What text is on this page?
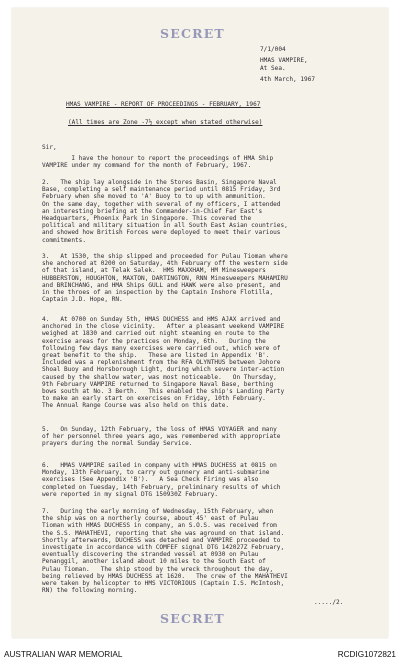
SECRET
7/1/004
HMAS VAMPIRE,
At Sea.
4th March, 1967
HMAS VAMPIRE - REPORT OF PROCEEDINGS - FEBRUARY, 1967
(All times are Zone -7½ except when stated otherwise)
Sir,
I have the honour to report the proceedings of HMA Ship
VAMPIRE under my command for the month of February, 1967.
2.   The ship lay alongside in the Stores Basin, Singapore Naval
Base, completing a self maintenance period until 0815 Friday, 3rd
February when she moved to 'A' Buoy to to up with ammunition.
On the same day, together with several of my officers, I attended
an interesting briefing at the Commander-in-Chief Far East's
Headquarters, Phoenix Park in Singapore. This covered the
political and military situation in all South East Asian countries,
and showed how British Forces were deployed to meet their various
commitments.
3.   At 1530, the ship slipped and proceeded for Pulau Tioman where
she anchored at 0200 on Saturday, 4th February off the western side
of that island, at Telak Salek.  HMS MAXXHAM, HM Minesweepers
HUBBERSTON, HOUGHTON, MAXTON, DARTINGTON, RNN Minesweepers MAHAMIRU
and BRINCHANG, and HMA Ships GULL and HAWK were also present, and
in the throes of an inspection by the Captain Inshore Flotilla,
Captain J.D. Hope, RN.
4.   At 0700 on Sunday 5th, HMAS DUCHESS and HMS AJAX arrived and
anchored in the close vicinity.   After a pleasant weekend VAMPIRE
weighed at 1830 and carried out night steaming en route to the
exercise areas for the practices on Monday, 6th.   During the
following few days many exercises were carried out, which were of
great benefit to the ship.   These are listed in Appendix 'B'.
Included was a replenishment from the RFA OLYNTHUS between Johore
Shoal Buoy and Horsborough Light, during which severe inter-action
caused by the shallow water, was most noticeable.   On Thursday,
9th February VAMPIRE returned to Singapore Naval Base, berthing
bows south at No. 3 Berth.   This enabled the ship's Landing Party
to make an early start on exercises on Friday, 10th February.
The Annual Range Course was also held on this date.
5.   On Sunday, 12th February, the loss of HMAS VOYAGER and many
of her personnel three years ago, was remembered with appropriate
prayers during the normal Sunday Service.
6.   HMAS VAMPIRE sailed in company with HMAS DUCHESS at 0815 on
Monday, 13th February, to carry out gunnery and anti-submarine
exercises (See Appendix 'B').   A Sea Check Firing was also
completed on Tuesday, 14th February, preliminary results of which
were reported in my signal DTG 150930Z February.
7.   During the early morning of Wednesday, 15th February, when
the ship was on a northerly course, about 45' east of Pulau
Tioman with HMAS DUCHESS in company, an S.O.S. was received from
the S.S. MAHATHEVI, reporting that she was aground on that island.
Shortly afterwards, DUCHESS was detached and VAMPIRE proceeded to
investigate in accordance with COMFEF signal DTG 142027Z February,
eventually discovering the stranded vessel at 0930 on Pulau
Penanggil, another island about 10 miles to the South East of
Pulau Tioman.   The ship stood by the wreck throughout the day,
being relieved by HMAS DUCHESS at 1620.   The crew of the MAHATHEVI
were taken by helicopter to HMS VICTORIOUS (Captain I.S. McIntosh,
RN) the following morning.
...../2.
SECRET
AUSTRALIAN WAR MEMORIAL	RCDIG1072821
